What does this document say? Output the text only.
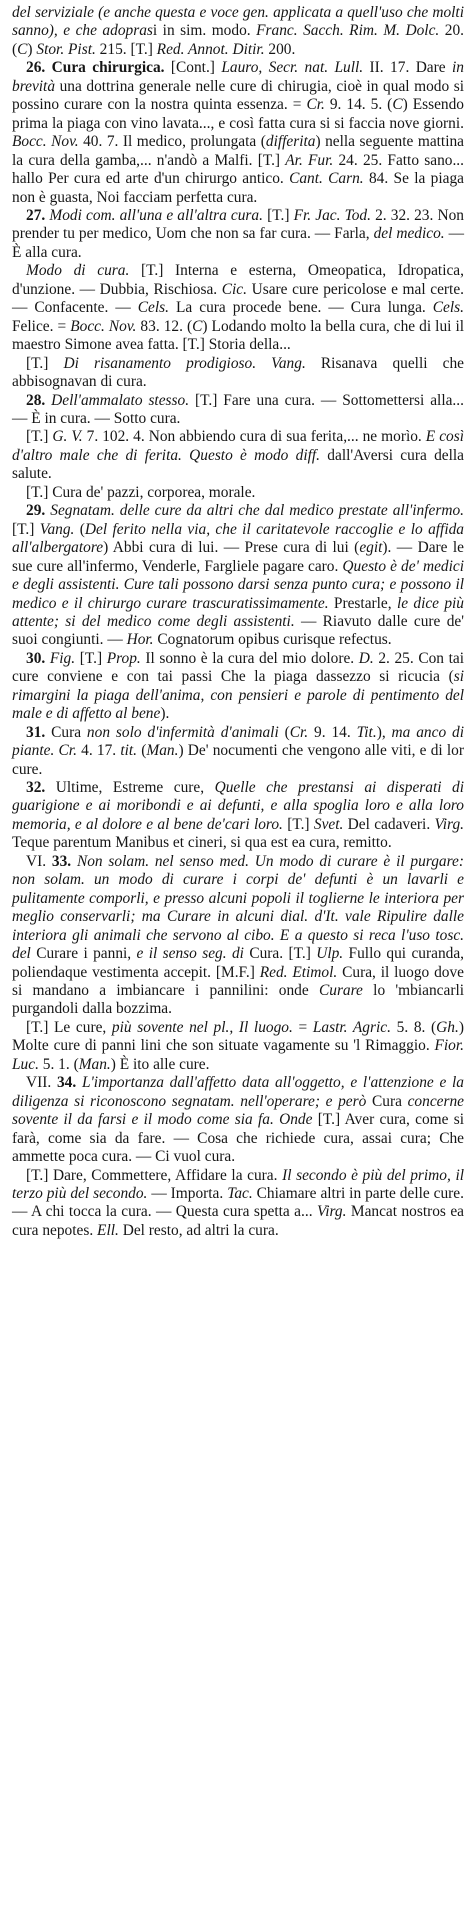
del serviziale (e anche questa e voce gen. applicata a quell'uso che molti sanno), e che adoprasi in sim. modo. Franc. Sacch. Rim. M. Dolc. 20. (C) Stor. Pist. 215. [T.] Red. Annot. Ditir. 200.

26. Cura chirurgica. [Cont.] Lauro, Secr. nat. Lull. II. 17. Dare in brevità una dottrina generale nelle cure di chirugia, cioè in qual modo si possino curare con la nostra quinta essenza. = Cr. 9. 14. 5. (C) Essendo prima la piaga con vino lavata..., e così fatta cura si si faccia nove giorni. Bocc. Nov. 40. 7. Il medico, prolungata (differita) nella seguente mattina la cura della gamba,... n'andò a Malfi. [T.] Ar. Fur. 24. 25. Fatto sano... hallo Per cura ed arte d'un chirurgo antico. Cant. Carn. 84. Se la piaga non è guasta, Noi facciam perfetta cura.

27. Modi com. all'una e all'altra cura. [T.] Fr. Jac. Tod. 2. 32. 23. Non prender tu per medico, Uom che non sa far cura. — Farla, del medico. — È alla cura.

Modo di cura. [T.] Interna e esterna, Omeopatica, Idropatica, d'unzione. — Dubbia, Rischiosa. Cic. Usare cure pericolose e mal certe. — Confacente. — Cels. La cura procede bene. — Cura lunga. Cels. Felice. = Bocc. Nov. 83. 12. (C) Lodando molto la bella cura, che di lui il maestro Simone avea fatta. [T.] Storia della...

[T.] Di risanamento prodigioso. Vang. Risanava quelli che abbisognavan di cura.

28. Dell'ammalato stesso. [T.] Fare una cura. — Sottomettersi alla... — È in cura. — Sotto cura.

[T.] G. V. 7. 102. 4. Non abbiendo cura di sua ferita,... ne morìo. E così d'altro male che di ferita. Questo è modo diff. dall'Aversi cura della salute.

[T.] Cura de' pazzi, corporea, morale.

29. Segnatam. delle cure da altri che dal medico prestate all'infermo. [T.] Vang. (Del ferito nella via, che il caritatevole raccoglie e lo affida all'albergatore) Abbi cura di lui. — Prese cura di lui (egit). — Dare le sue cure all'infermo, Venderle, Fargliele pagare caro. Questo è de' medici e degli assistenti. Cure tali possono darsi senza punto cura; e possono il medico e il chirurgo curare trascuratissimamente. Prestarle, le dice più attente; si del medico come degli assistenti. — Riavuto dalle cure de' suoi congiunti. — Hor. Cognatorum opibus curisque refectus.

30. Fig. [T.] Prop. Il sonno è la cura del mio dolore. D. 2. 25. Con tai cure conviene e con tai passi Che la piaga dassezzo si ricucia (si rimargini la piaga dell'anima, con pensieri e parole di pentimento del male e di affetto al bene).

31. Cura non solo d'infermità d'animali (Cr. 9. 14. Tit.), ma anco di piante. Cr. 4. 17. tit. (Man.) De' nocumenti che vengono alle viti, e di lor cure.

32. Ultime, Estreme cure, Quelle che prestansi ai disperati di guarigione e ai moribondi e ai defunti, e alla spoglia loro e alla loro memoria, e al dolore e al bene de'cari loro. [T.] Svet. Del cadaveri. Virg. Teque parentum Manibus et cineri, si qua est ea cura, remitto.

VI. 33. Non solam. nel senso med. Un modo di curare è il purgare: non solam. un modo di curare i corpi de' defunti è un lavarli e pulitamente comporli, e presso alcuni popoli il toglierne le interiora per meglio conservarli; ma Curare in alcuni dial. d'It. vale Ripulire dalle interiora gli animali che servono al cibo. E a questo si reca l'uso tosc. del Curare i panni, e il senso seg. di Cura. [T.] Ulp. Fullo qui curanda, poliendaque vestimenta accepit. [M.F.] Red. Etimol. Cura, il luogo dove si mandano a imbiancare i pannilini: onde Curare lo 'mbiancarli purgandoli dalla bozzima.

[T.] Le cure, più sovente nel pl., Il luogo. = Lastr. Agric. 5. 8. (Gh.) Molte cure di panni lini che son situate vagamente su 'l Rimaggio. Fior. Luc. 5. 1. (Man.) È ito alle cure.

VII. 34. L'importanza dall'affetto data all'oggetto, e l'attenzione e la diligenza si riconoscono segnatam. nell'operare; e però Cura concerne sovente il da farsi e il modo come sia fa. Onde [T.] Aver cura, come si farà, come sia da fare. — Cosa che richiede cura, assai cura; Che ammette poca cura. — Ci vuol cura.

[T.] Dare, Commettere, Affidare la cura. Il secondo è più del primo, il terzo più del secondo. — Importa. Tac. Chiamare altri in parte delle cure. — A chi tocca la cura. — Questa cura spetta a... Virg. Mancat nostros ea cura nepotes. Ell. Del resto, ad altri la cura.
